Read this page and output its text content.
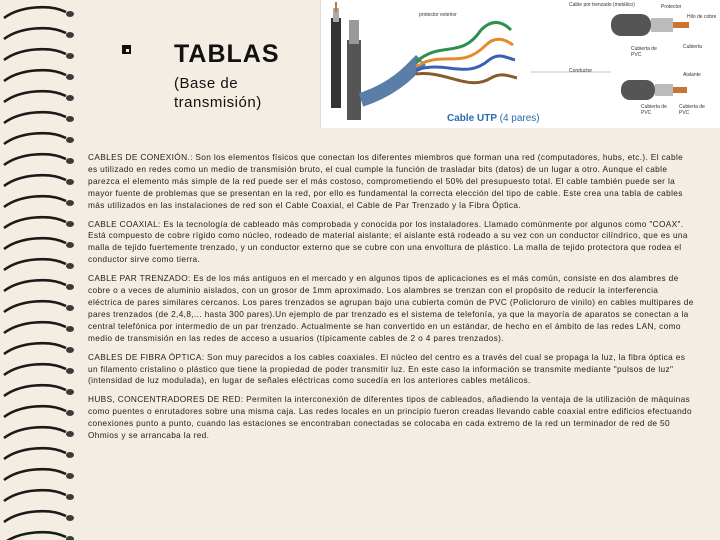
TABLAS
(Base de transmisión)
protector exterior
Cable por trenzado (metálico)	Protector
Hilo de cobre
Cubierta
Cubierta de PVC
Conductor
Aislante
Cubierta de PVC
Cubierta de PVC
Cable UTP (4 pares)

CABLES DE CONEXIÓN.: Son los elementos físicos que conectan los diferentes miembros que forman una red (computadores, hubs, etc.). El cable es utilizado en redes como un medio de transmisión bruto, el cual cumple la función de trasladar bits (datos) de un lugar a otro. Aunque el cable parezca el elemento más simple de la red puede ser el más costoso, comprometiendo el 50% del presupuesto total. El cable también puede ser la mayor fuente de problemas que se presentan en la red, por ello es fundamental la correcta elección del tipo de cable. Este crea una tabla de cables más utilizados en las instalaciones de red son el Cable Coaxial, el Cable de Par Trenzado y la Fibra Óptica.

CABLE COAXIAL: Es la tecnología de cableado más comprobada y conocida por los instaladores. Llamado comúnmente por algunos como "COAX". Está compuesto de cobre rígido como núcleo, rodeado de material aislante; el aislante está rodeado a su vez con un conductor cilíndrico, que es una malla de tejido fuertemente trenzado, y un conductor externo que se cubre con una envoltura de plástico. La malla de tejido protectora que rodea el conductor sirve como tierra.

CABLE PAR TRENZADO: Es de los más antiguos en el mercado y en algunos tipos de aplicaciones es el más común, consiste en dos alambres de cobre o a veces de aluminio aislados, con un grosor de 1mm aproximado. Los alambres se trenzan con el propósito de reducir la interferencia eléctrica de pares similares cercanos. Los pares trenzados se agrupan bajo una cubierta común de PVC (Policloruro de vinilo) en cables multipares de pares trenzados (de 2,4,8,... hasta 300 pares).Un ejemplo de par trenzado es el sistema de telefonía, ya que la mayoría de aparatos se conectan a la central telefónica por intermedio de un par trenzado. Actualmente se han convertido en un estándar, de hecho en el ámbito de las redes LAN, como medio de transmisión en las redes de acceso a usuarios (típicamente cables de 2 o 4 pares trenzados).

CABLES DE FIBRA ÓPTICA: Son muy parecidos a los cables coaxiales. El núcleo del centro es a través del cual se propaga la luz, la fibra óptica es un filamento cristalino o plástico que tiene la propiedad de poder transmitir luz. En este caso la información se transmite mediante "pulsos de luz" (intensidad de luz modulada), en lugar de señales eléctricas como sucedía en los anteriores cables metálicos.

HUBS, CONCENTRADORES DE RED: Permiten la interconexión de diferentes tipos de cableados, añadiendo la ventaja de la utilización de máquinas como puentes o enrutadores sobre una misma caja. Las redes locales en un principio fueron creadas llevando cable coaxial entre edificios efectuando conexiones punto a punto, cuando las estaciones se encontraban conectadas se colocaba en cada extremo de la red un terminador de red de 50 Ohmios y se arrancaba la red.
